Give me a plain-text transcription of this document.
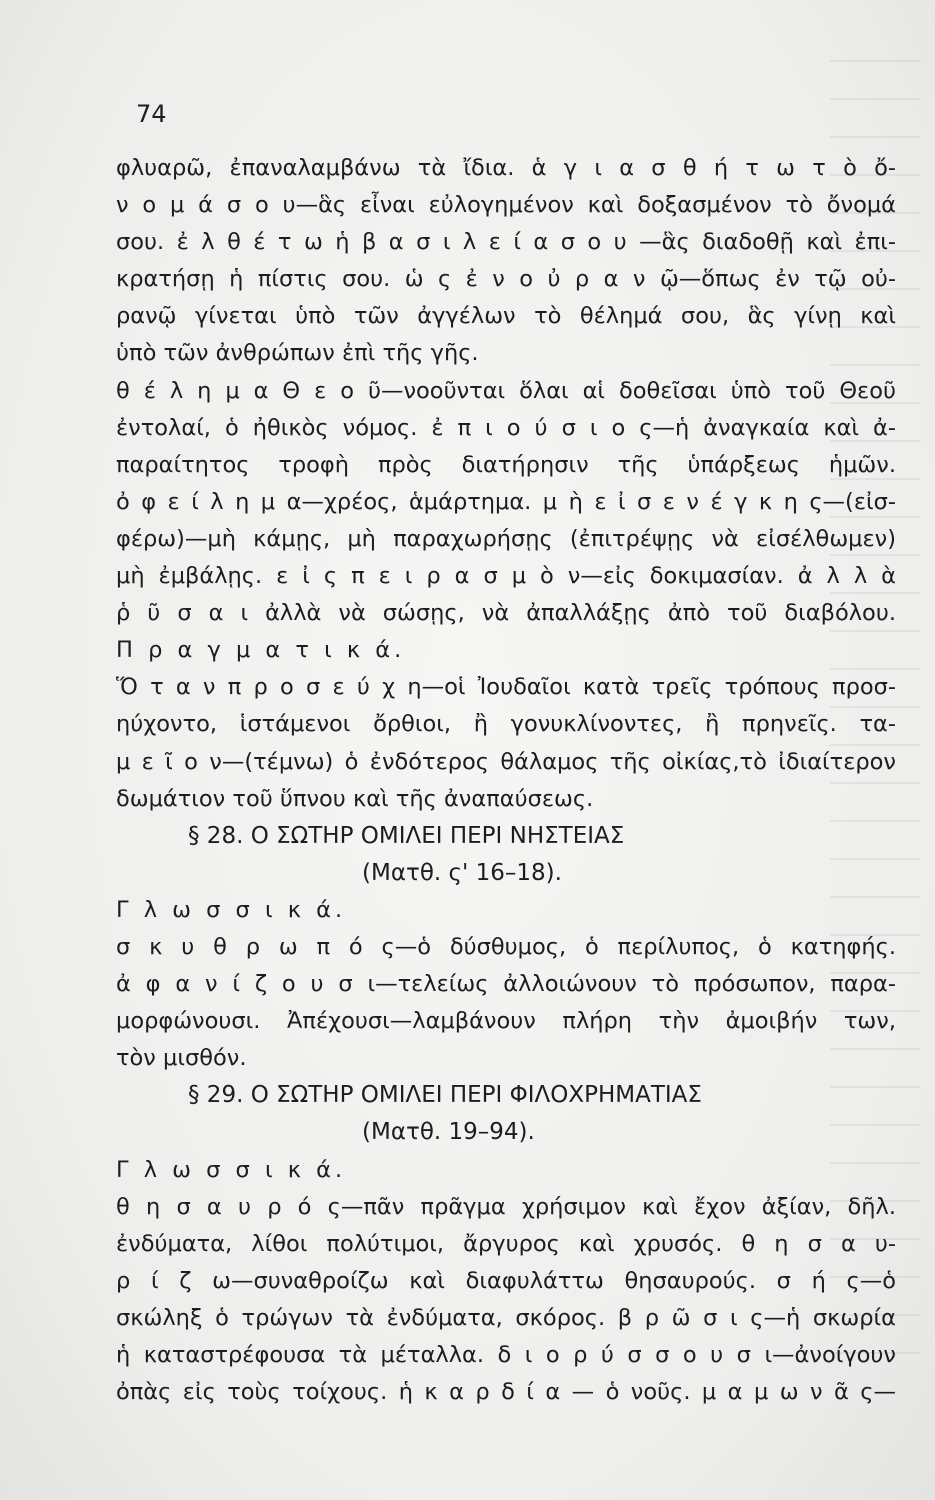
74

φλυαρῶ, ἐπαναλαμβάνω τὰ ἴδια. ἁ γ ι α σ θ ή τ ω τ ὸ ὄ-
ν ο μ ά σ ο υ—ἃς εἶναι εὐλογημένον καὶ δοξασμένον τὸ ὄνομά
σου. ἐ λ θ έ τ ω ἡ β α σ ι λ ε ί α σ ο υ —ἃς διαδοθῇ καὶ ἐπι-
κρατήσῃ ἡ πίστις σου. ὡ ς ἐ ν ο ὐ ρ α ν ῷ—ὅπως ἐν τῷ οὐ-
ρανῷ γίνεται ὑπὸ τῶν ἀγγέλων τὸ θέλημά σου, ἃς γίνῃ καὶ
ὑπὸ τῶν ἀνθρώπων ἐπὶ τῆς γῆς.
θ έ λ η μ α Θ ε ο ῦ—νοοῦνται ὅλαι αἱ δοθεῖσαι ὑπὸ τοῦ Θεοῦ
ἐντολαί, ὁ ἠθικὸς νόμος. ἐ π ι ο ύ σ ι ο ς—ἡ ἀναγκαία καὶ ἀ-
παραίτητος τροφὴ πρὸς διατήρησιν τῆς ὑπάρξεως ἡμῶν.
ὀ φ ε ί λ η μ α—χρέος, ἁμάρτημα. μ ὴ ε ἰ σ ε ν έ γ κ η ς—(εἰσ-
φέρω)—μὴ κάμῃς, μὴ παραχωρήσῃς (ἐπιτρέψῃς νὰ εἰσέλθωμεν)
μὴ ἐμβάλῃς. ε ἰ ς π ε ι ρ α σ μ ὸ ν—εἰς δοκιμασίαν. ἀ λ λ ὰ
ῥ ῦ σ α ι ἀλλὰ νὰ σώσῃς, νὰ ἀπαλλάξῃς ἀπὸ τοῦ διαβόλου.
Π ρ α γ μ α τ ι κ ά.
Ὅ τ α ν π ρ ο σ ε ύ χ η—οἱ Ἰουδαῖοι κατὰ τρεῖς τρόπους προσ-
ηύχοντο, ἱστάμενοι ὄρθιοι, ἢ γονυκλίνοντες, ἢ πρηνεῖς. τα-
μ ε ῖ ο ν—(τέμνω) ὁ ἐνδότερος θάλαμος τῆς οἰκίας,τὸ ἰδιαίτερον
δωμάτιον τοῦ ὕπνου καὶ τῆς ἀναπαύσεως.
§ 28. Ο ΣΩΤΗΡ ΟΜΙΛΕΙ ΠΕΡΙ ΝΗΣΤΕΙΑΣ
(Ματθ. ς' 16–18).
Γ λ ω σ σ ι κ ά.
σ κ υ θ ρ ω π ό ς—ὁ δύσθυμος, ὁ περίλυπος, ὁ κατηφής.
ἀ φ α ν ί ζ ο υ σ ι—τελείως ἀλλοιώνουν τὸ πρόσωπον, παρα-
μορφώνουσι. Ἀπέχουσι—λαμβάνουν πλήρη τὴν ἀμοιβήν των,
τὸν μισθόν.
§ 29. Ο ΣΩΤΗΡ ΟΜΙΛΕΙ ΠΕΡΙ ΦΙΛΟΧΡΗΜΑΤΙΑΣ
(Ματθ. 19–94).
Γ λ ω σ σ ι κ ά.
θ η σ α υ ρ ό ς—πᾶν πρᾶγμα χρήσιμον καὶ ἔχον ἀξίαν, δῆλ.
ἐνδύματα, λίθοι πολύτιμοι, ἄργυρος καὶ χρυσός. θ η σ α υ-
ρ ί ζ ω—συναθροίζω καὶ διαφυλάττω θησαυρούς. σ ή ς—ὁ
σκώληξ ὁ τρώγων τὰ ἐνδύματα, σκόρος. β ρ ῶ σ ι ς—ἡ σκωρία
ἡ καταστρέφουσα τὰ μέταλλα. δ ι ο ρ ύ σ σ ο υ σ ι—ἀνοίγουν
ὀπὰς εἰς τοὺς τοίχους. ἡ κ α ρ δ ί α — ὁ νοῦς. μ α μ ω ν ᾶ ς—
